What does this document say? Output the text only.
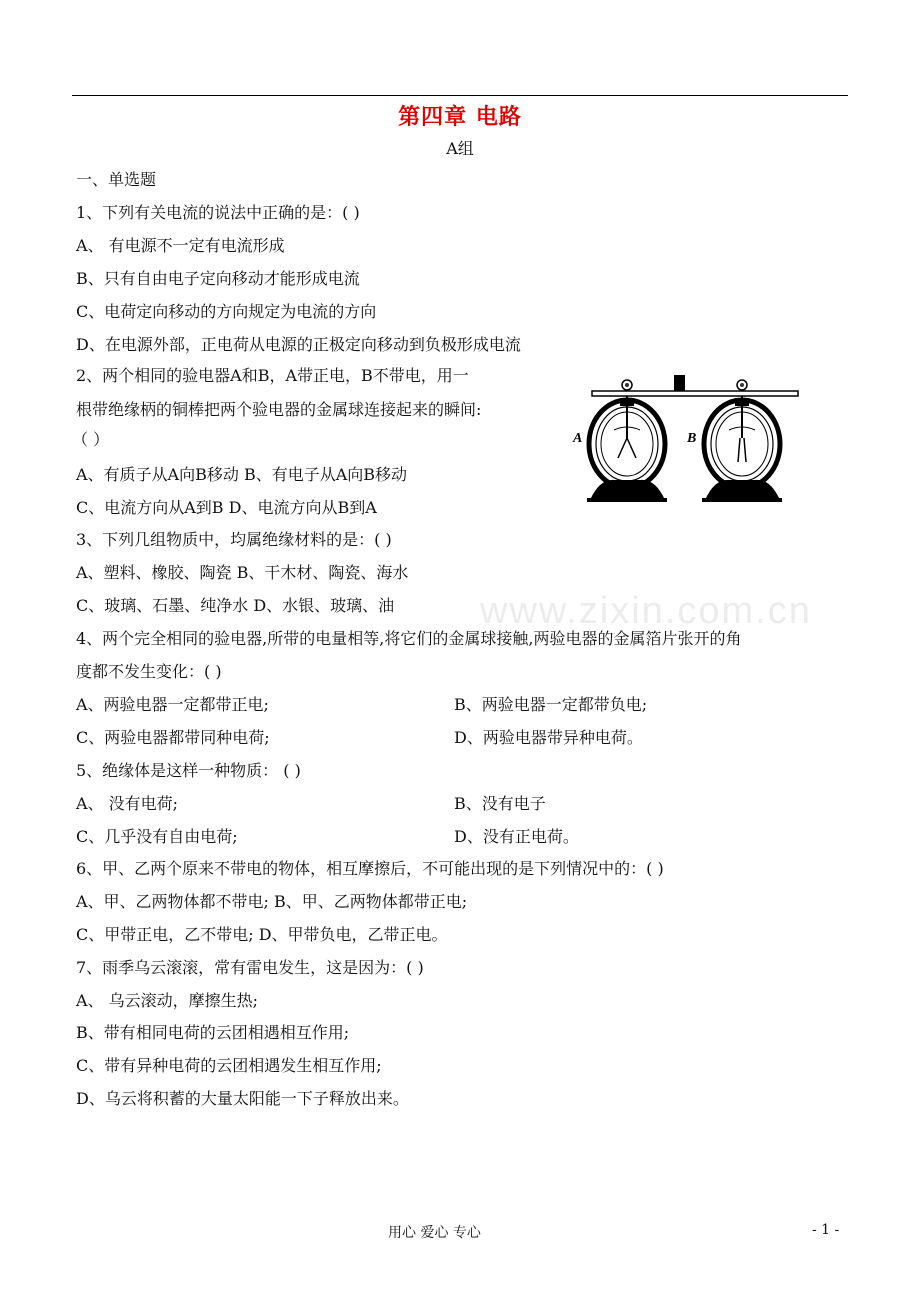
第四章 电路
A组
www.zixin.com.cn
一、单选题
1、下列有关电流的说法中正确的是：( )
A、 有电源不一定有电流形成
B、只有自由电子定向移动才能形成电流
C、电荷定向移动的方向规定为电流的方向
D、在电源外部，正电荷从电源的正极定向移动到负极形成电流
2、两个相同的验电器A和B，A带正电，B不带电，用一
根带绝缘柄的铜棒把两个验电器的金属球连接起来的瞬间:
（ ）
A、有质子从A向B移动 B、有电子从A向B移动
C、电流方向从A到B D、电流方向从B到A
A	B
3、下列几组物质中，均属绝缘材料的是：( )
A、塑料、橡胶、陶瓷 B、干木材、陶瓷、海水
C、玻璃、石墨、纯净水 D、水银、玻璃、油
4、两个完全相同的验电器,所带的电量相等,将它们的金属球接触,两验电器的金属箔片张开的角
度都不发生变化：( )
A、两验电器一定都带正电;	B、两验电器一定都带负电;
C、两验电器都带同种电荷;	D、两验电器带异种电荷。
5、绝缘体是这样一种物质： ( )
A、 没有电荷;	B、没有电子
C、几乎没有自由电荷;	D、没有正电荷。
6、甲、乙两个原来不带电的物体，相互摩擦后，不可能出现的是下列情况中的：( )
A、甲、乙两物体都不带电; B、甲、乙两物体都带正电;
C、甲带正电，乙不带电; D、甲带负电，乙带正电。
7、雨季乌云滚滚，常有雷电发生，这是因为：( )
A、 乌云滚动，摩擦生热;
B、带有相同电荷的云团相遇相互作用;
C、带有异种电荷的云团相遇发生相互作用;
D、乌云将积蓄的大量太阳能一下子释放出来。
用心 爱心 专心	- 1 -
